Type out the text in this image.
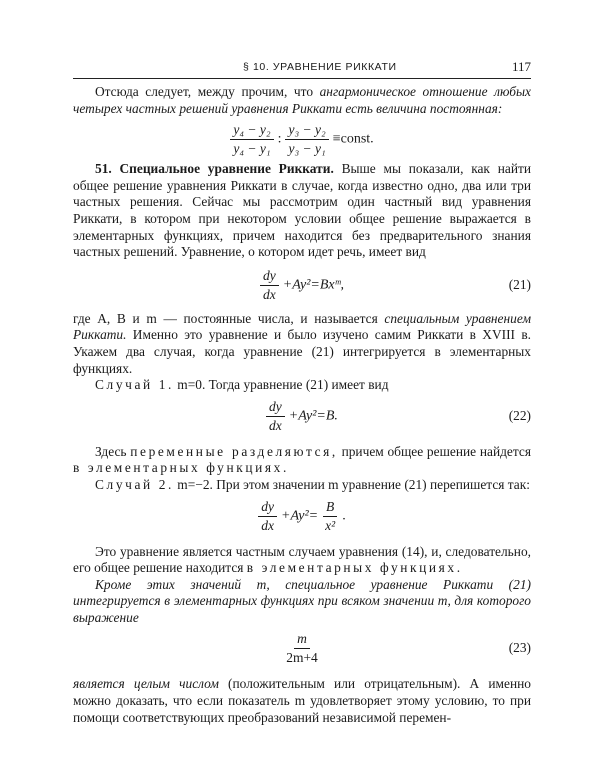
§ 10. УРАВНЕНИЕ РИККАТИ	117

Отсюда следует, между прочим, что ангармоническое отношение любых четырех частных решений уравнения Риккати есть величина постоянная:

$\frac{\text{y₄ − y₂}}{\text{y₄ − y₁}}$ : $\frac{\text{y₃ − y₂}}{\text{y₃ − y₁}}$ ≡const.

51. Специальное уравнение Риккати. Выше мы показали, как найти общее решение уравнения Риккати в случае, когда известно одно, два или три частных решения. Сейчас мы рассмотрим один частный вид уравнения Риккати, в котором при некотором условии общее решение выражается в элементарных функциях, причем находится без предварительного знания частных решений. Уравнение, о котором идет речь, имеет вид

$\frac{dy}{dx}$ +Ay²=Bxᵐ,	(21)

где A, B и m — постоянные числа, и называется специальным уравнением Риккати. Именно это уравнение и было изучено самим Риккати в XVIII в. Укажем два случая, когда уравнение (21) интегрируется в элементарных функциях.

Случай 1. m=0. Тогда уравнение (21) имеет вид

$\frac{dy}{dx} +Ay^2=B$.	(22)

Здесь переменные разделяются, причем общее решение найдется в элементарных функциях.

Случай 2. m=−2. При этом значении m уравнение (21) перепишется так:

$\frac{dy}{dx} +Ay^2= \frac{B}{\text{x²}}$ .

Это уравнение является частным случаем уравнения (14), и, следовательно, его общее решение находится в элементарных функциях.

Кроме этих значений m, специальное уравнение Риккати (21) интегрируется в элементарных функциях при всяком значении m, для которого выражение

$\frac{m}{2m+4}$	(23)

является целым числом (положительным или отрицательным). А именно можно доказать, что если показатель m удовлетворяет этому условию, то при помощи соответствующих преобразований независимой перемен-
